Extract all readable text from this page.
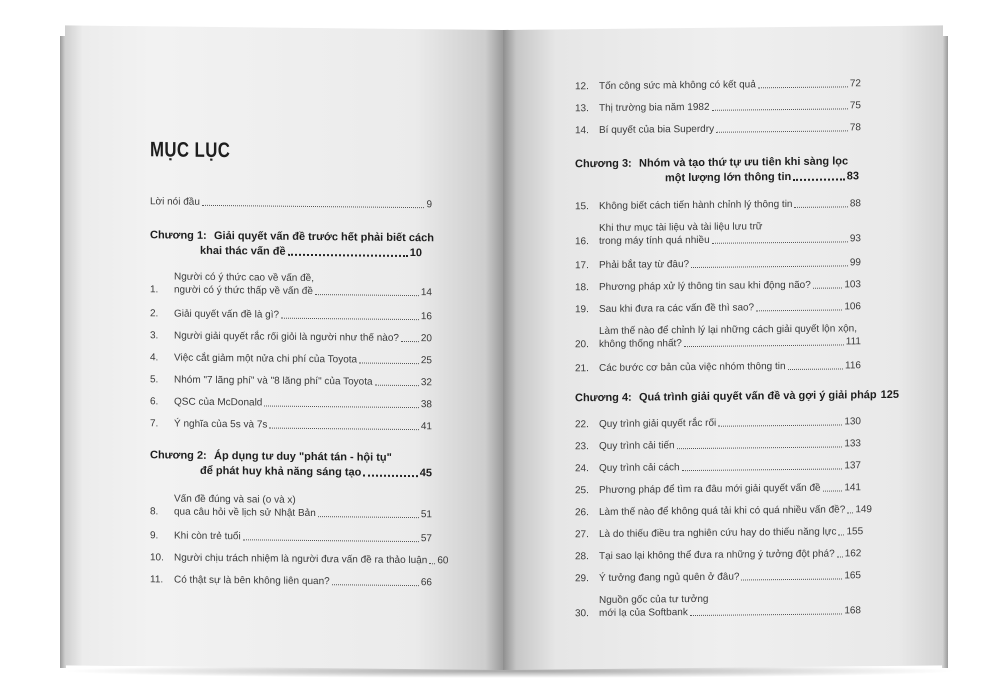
MỤC LỤC
Lời nói đầu	9
Chương 1: Giải quyết vấn đề trước hết phải biết cách
khai thác vấn đề	10
1.
Người có ý thức cao về vấn đề,
người có ý thức thấp về vấn đề	14
2.	Giải quyết vấn đề là gì?	16
3.	Người giải quyết rắc rối giỏi là người như thế nào? 20
4.	Việc cắt giảm một nửa chi phí của Toyota	25
5.	Nhóm "7 lãng phí" và "8 lãng phí" của Toyota	32
6.	QSC của McDonald	38
7.	Ý nghĩa của 5s và 7s	41
Chương 2: Áp dụng tư duy "phát tán - hội tụ"
để phát huy khả năng sáng tạo	45
8.
Vấn đề đúng và sai (o và x)
qua câu hỏi về lịch sử Nhật Bản	51
9.	Khi còn trẻ tuổi	57
10.	Người chịu trách nhiệm là người đưa vấn đề ra thảo luận 60
11.	Có thật sự là bên không liên quan?	66
12.	Tốn công sức mà không có kết quả	72
13.	Thị trường bia năm 1982	75
14.	Bí quyết của bia Superdry	78
Chương 3: Nhóm và tạo thứ tự ưu tiên khi sàng lọc
một lượng lớn thông tin	83
15.	Không biết cách tiến hành chỉnh lý thông tin	88
16.
Khi thư mục tài liệu và tài liệu lưu trữ
trong máy tính quá nhiều	93
17.	Phải bắt tay từ đâu?	99
18.	Phương pháp xử lý thông tin sau khi động não?	103
19.	Sau khi đưa ra các vấn đề thì sao?	106
20.
Làm thế nào để chỉnh lý lại những cách giải quyết lộn xộn,
không thống nhất?	111
21.	Các bước cơ bản của việc nhóm thông tin	116
Chương 4: Quá trình giải quyết vấn đề và gợi ý giải pháp 125
22.	Quy trình giải quyết rắc rối	130
23.	Quy trình cải tiến	133
24.	Quy trình cải cách	137
25.	Phương pháp để tìm ra đâu mới giải quyết vấn đề 141
26.	Làm thế nào để không quá tải khi có quá nhiều vấn đề? 149
27.	Là do thiếu điều tra nghiên cứu hay do thiếu năng lực 155
28.	Tại sao lại không thể đưa ra những ý tưởng đột phá? 162
29.	Ý tưởng đang ngủ quên ở đâu?	165
30.
Nguồn gốc của tư tưởng
mới lạ của Softbank	168
